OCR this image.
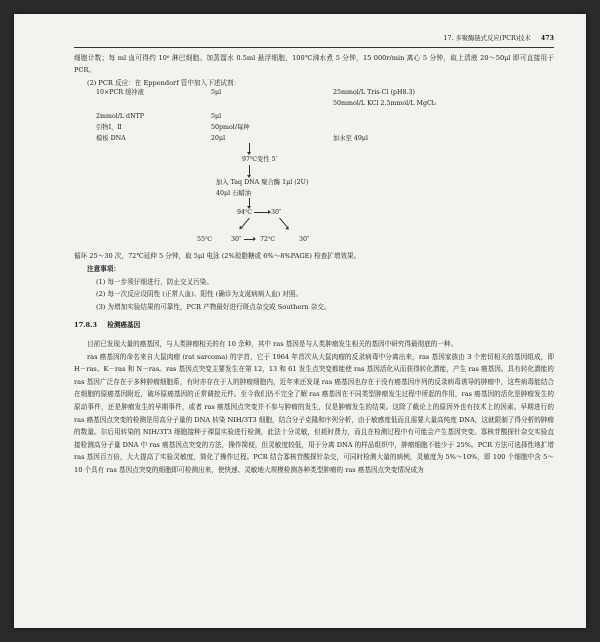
17. 多聚酶链式反应(PCR)技术 473

细胞计数；每 ml 血可得约 10⁶ 淋巴细胞。加蒸馏水 0.5ml 悬浮细胞，100℃沸水煮 5 分钟，15 000r/min 离心 5 分钟，取上清液 20～50μl 即可直接用于 PCR。

(2) PCR 反应：在 Eppendorf 管中加入下述试剂：

10×PCR 缓冲液	5μl	25mmol/L Tris-Cl (pH8.3)
50mmol/L KCl 2.5mmol/L MgCl₂
2mmol/L dNTP	5μl
引物Ⅰ，Ⅱ	50pmol/每种
模板 DNA	20μl	加水至 49μl
97℃变性 5′
加入 Taq DNA 聚合酶 1μl (2U)
40μl 石蜡油
94℃	30″
55℃	30″	72℃	30″

循环 25～30 次，72℃延伸 5 分钟，取 5μl 电泳 (2%琼脂糖或 6%～8%PAGE) 检查扩增效果。

注意事项：

(1) 每一步须仔细进行，防止交叉污染。

(2) 每一次反应设阴性 (正常人血)、阳性 (确诊为支涎病病人血) 对照。

(3) 为增加实验结果的可靠性，PCR 产物最好进行斑点杂交或 Southern 杂交。

17.8.3 检测癌基因

目前已发现大量的癌基因，与人类肿瘤相关的有 10 余种，其中 ras 基因是与人类肿瘤发生相关的基因中研究得最彻底的一种。

ras 癌基因的命名来自大鼠肉瘤 (rat sarcoma) 的字首，它于 1964 年首次从大鼠肉瘤的反录病毒中分离出来，ras 基因家族由 3 个密切相关的基因组成，即 H－ras、K－ras 和 N－ras。ras 基因点突变主要发生在第 12，13 和 61 发生点突变都能使 ras 基因活化从而获得转化潜能，产生 ras 癌基因。具有转化潜能的 ras 基因广泛存在于多种肿瘤细胞系，有时亦存在于人的肿瘤细胞内，近年来还发现 ras 癌基因也存在于没有癌基因序列的反录病毒诱导的肿瘤中，这些病毒能结合在细胞的原癌基因附近，破坏原癌基因的正常调控元件。至今我们仍不完全了解 ras 癌基因在不同类型肿瘤发生过程中所起的作用，ras 癌基因的活化是肿瘤发生的原动事件，还是肿瘤发生的早期事件，或者 ras 癌基因点突变并不参与肿瘤的发生，仅是肿瘤发生的结果。这除了截论上的原因外也有技术上的因素。早期进行的 ras 癌基因点突变的检测是用高分子量的 DNA 转染 NIH/3T3 细胞，结合分子克隆和序列分析，由于敏感度低而且需要大量高纯度 DNA，这就限制了得分析的肿瘤的数量。尔后用转染的 NIH/3T3 细胞接种于裸鼠实验进行检测，此法十分灵敏，但耗时费力，而且在检测过程中有可能会产生基因突变。寡核苷酸探针杂交实验直接检测高分子量 DNA 中 ras 癌基因点突变的方法，操作简便，但灵敏度较低，用于分离 DNA 的样品组织中，肿瘤细胞不能少于 25%。PCR 方法可选择性地扩增 ras 基因百万倍，大大提高了实验灵敏度，简化了操作过程。PCR 结合寡核苷酸探针杂交，可同时检测大量的病例，灵敏度为 5%～10%，即 100 个细胞中含 5～10 个具有 ras 基因点突变的细胞即可检测出来，使快速、灵敏地大规模检测各种类型肿瘤的 ras 癌基因点突变情况成为
